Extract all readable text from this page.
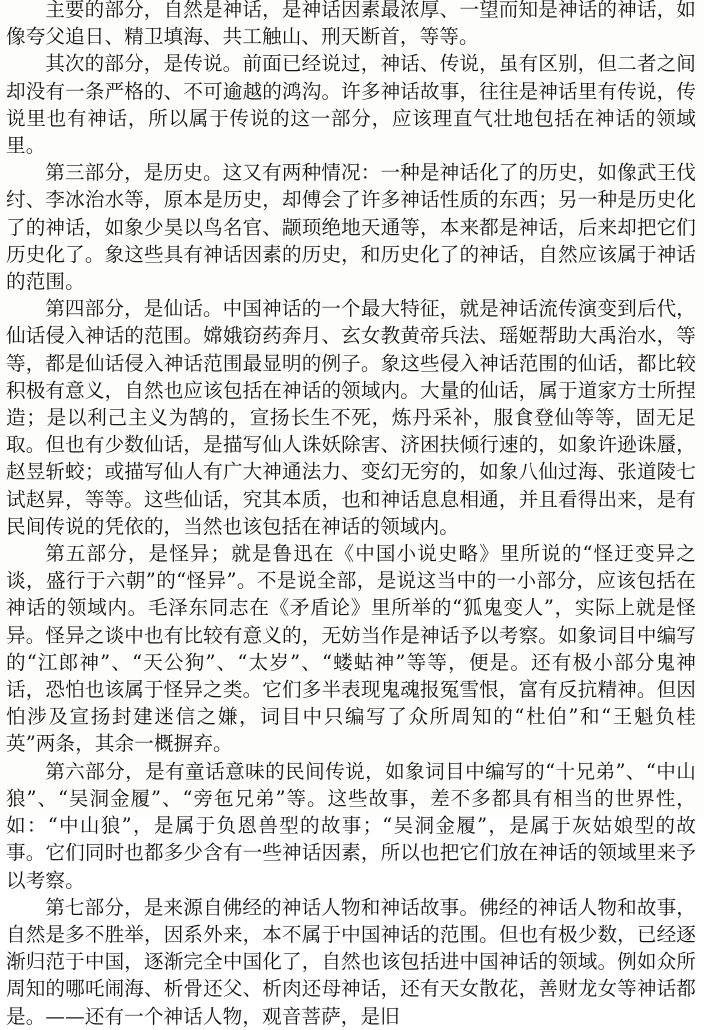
主要的部分，自然是神话，是神话因素最浓厚、一望而知是神话的神话，如像夸父追日、精卫填海、共工触山、刑天断首，等等。

其次的部分，是传说。前面已经说过，神话、传说，虽有区别，但二者之间却没有一条严格的、不可逾越的鸿沟。许多神话故事，往往是神话里有传说，传说里也有神话，所以属于传说的这一部分，应该理直气壮地包括在神话的领域里。

第三部分，是历史。这又有两种情况：一种是神话化了的历史，如像武王伐纣、李冰治水等，原本是历史，却傅会了许多神话性质的东西；另一种是历史化了的神话，如象少昊以鸟名官、颛顼绝地天通等，本来都是神话，后来却把它们历史化了。象这些具有神话因素的历史，和历史化了的神话，自然应该属于神话的范围。

第四部分，是仙话。中国神话的一个最大特征，就是神话流传演变到后代，仙话侵入神话的范围。嫦娥窃药奔月、玄女教黄帝兵法、瑶姬帮助大禹治水，等等，都是仙话侵入神话范围最显明的例子。象这些侵入神话范围的仙话，都比较积极有意义，自然也应该包括在神话的领域内。大量的仙话，属于道家方士所捏造；是以利己主义为鹄的，宣扬长生不死，炼丹采补，服食登仙等等，固无足取。但也有少数仙话，是描写仙人诛妖除害、济困扶倾行速的，如象许逊诛蜃，赵昱斩蛟；或描写仙人有广大神通法力、变幻无穷的，如象八仙过海、张道陵七试赵昇，等等。这些仙话，究其本质，也和神话息息相通，并且看得出来，是有民间传说的凭依的，当然也该包括在神话的领域内。

第五部分，是怪异；就是鲁迅在《中国小说史略》里所说的“怪迂变异之谈，盛行于六朝”的“怪异”。不是说全部，是说这当中的一小部分，应该包括在神话的领域内。毛泽东同志在《矛盾论》里所举的“狐鬼变人”，实际上就是怪异。怪异之谈中也有比较有意义的，无妨当作是神话予以考察。如象词目中编写的“江郎神”、“天公狗”、“太岁”、“蝼蛄神”等等，便是。还有极小部分鬼神话，恐怕也该属于怪异之类。它们多半表现鬼魂报冤雪恨，富有反抗精神。但因怕涉及宣扬封建迷信之嫌，词目中只编写了众所周知的“杜伯”和“王魁负桂英”两条，其余一概摒弃。

第六部分，是有童话意味的民间传说，如象词目中编写的“十兄弟”、“中山狼”、“吴洞金履”、“旁㐌兄弟”等。这些故事，差不多都具有相当的世界性，如：“中山狼”，是属于负恩兽型的故事；“吴洞金履”，是属于灰姑娘型的故事。它们同时也都多少含有一些神话因素，所以也把它们放在神话的领域里来予以考察。

第七部分，是来源自佛经的神话人物和神话故事。佛经的神话人物和故事，自然是多不胜举，因系外来，本不属于中国神话的范围。但也有极少数，已经逐渐归范于中国，逐渐完全中国化了，自然也该包括进中国神话的领域。例如众所周知的哪吒闹海、析骨还父、析肉还母神话，还有天女散花，善财龙女等神话都是。——还有一个神话人物，观音菩萨，是旧
